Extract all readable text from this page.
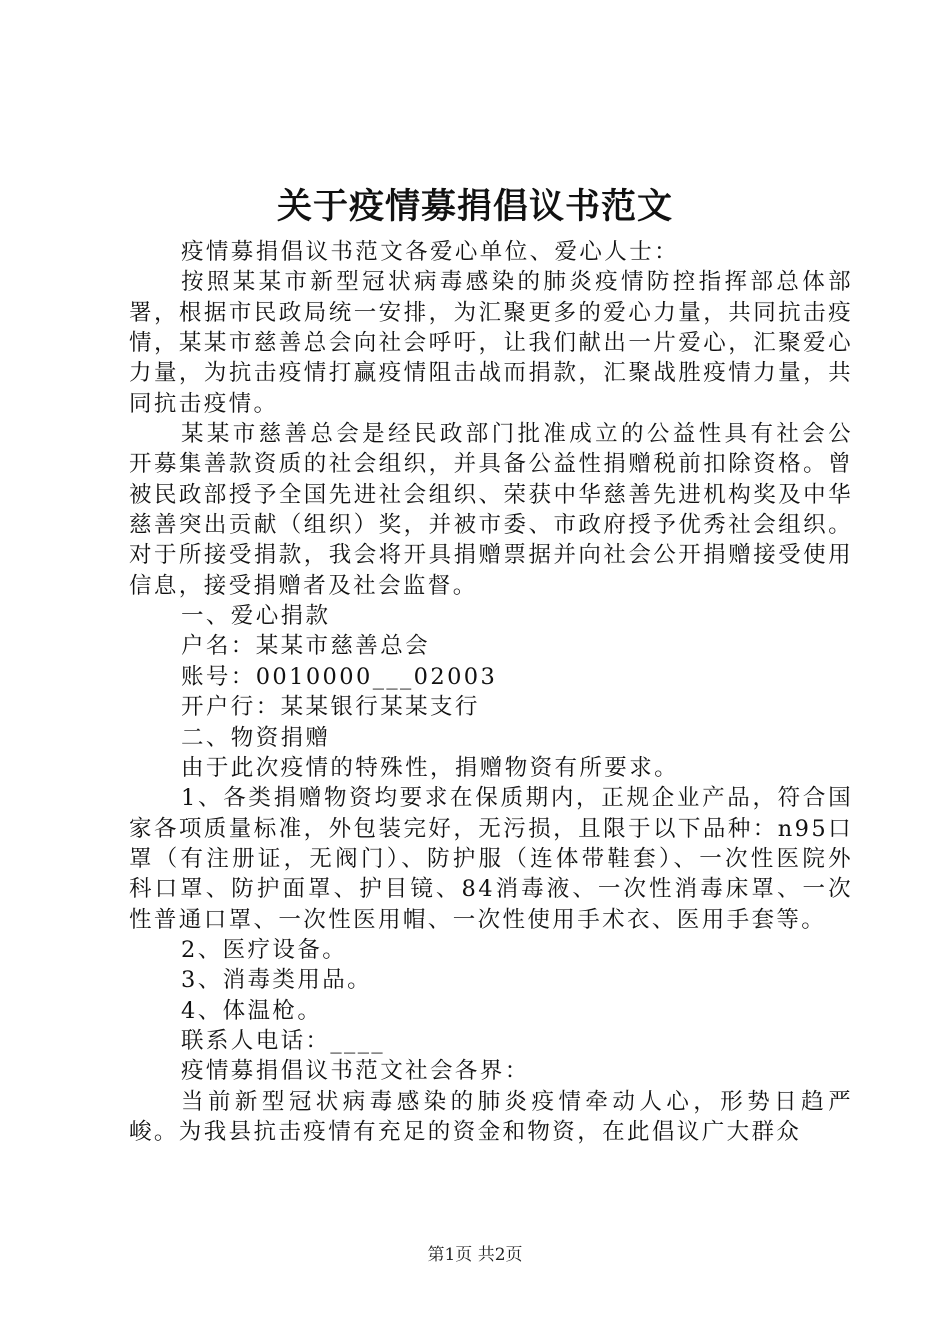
关于疫情募捐倡议书范文

疫情募捐倡议书范文各爱心单位、爱心人士：

按照某某市新型冠状病毒感染的肺炎疫情防控指挥部总体部署，根据市民政局统一安排，为汇聚更多的爱心力量，共同抗击疫情，某某市慈善总会向社会呼吁，让我们献出一片爱心，汇聚爱心力量，为抗击疫情打赢疫情阻击战而捐款，汇聚战胜疫情力量，共同抗击疫情。

某某市慈善总会是经民政部门批准成立的公益性具有社会公开募集善款资质的社会组织，并具备公益性捐赠税前扣除资格。曾被民政部授予全国先进社会组织、荣获中华慈善先进机构奖及中华慈善突出贡献（组织）奖，并被市委、市政府授予优秀社会组织。对于所接受捐款，我会将开具捐赠票据并向社会公开捐赠接受使用信息，接受捐赠者及社会监督。

一、爱心捐款

户名：某某市慈善总会

账号：0010000___02003

开户行：某某银行某某支行

二、物资捐赠

由于此次疫情的特殊性，捐赠物资有所要求。

1、各类捐赠物资均要求在保质期内，正规企业产品，符合国家各项质量标准，外包装完好，无污损，且限于以下品种：n95口罩（有注册证，无阀门）、防护服（连体带鞋套）、一次性医院外科口罩、防护面罩、护目镜、84消毒液、一次性消毒床罩、一次性普通口罩、一次性医用帽、一次性使用手术衣、医用手套等。

2、医疗设备。

3、消毒类用品。

4、体温枪。

联系人电话：____

疫情募捐倡议书范文社会各界：

当前新型冠状病毒感染的肺炎疫情牵动人心，形势日趋严峻。为我县抗击疫情有充足的资金和物资，在此倡议广大群众

第1页 共2页
